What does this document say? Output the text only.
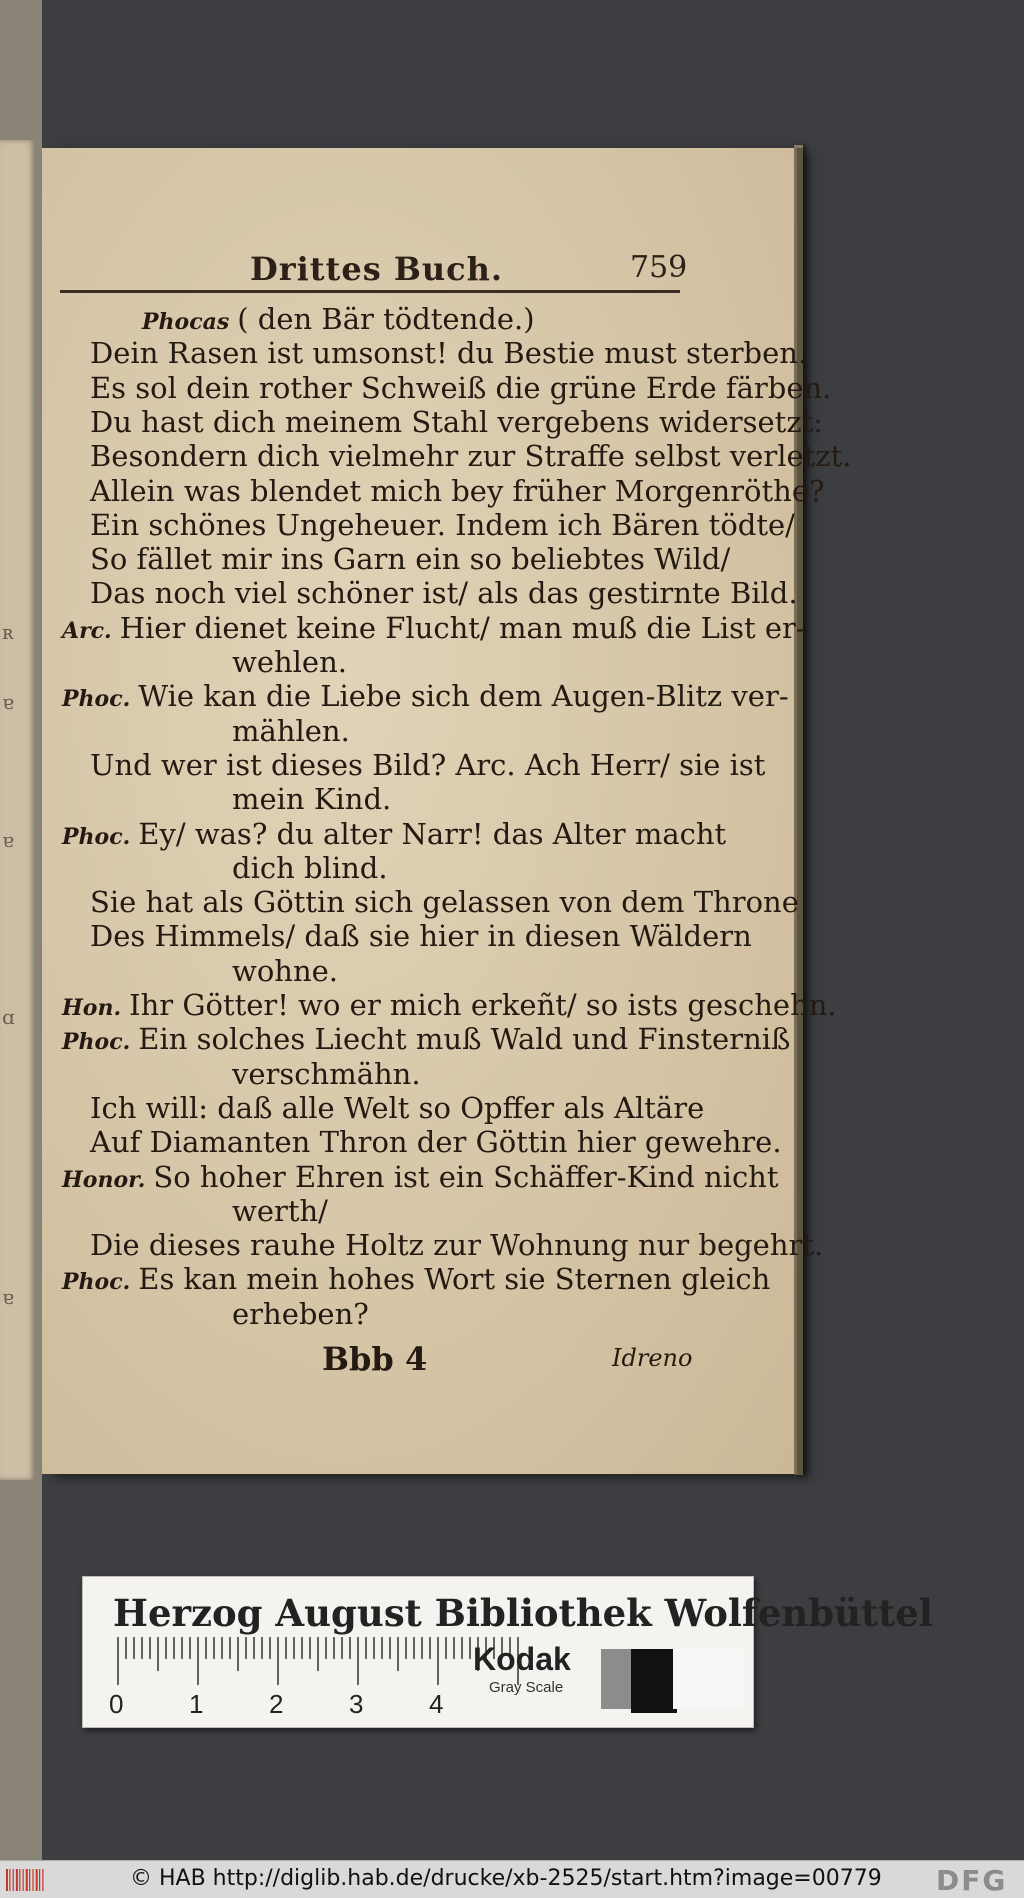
ʀ
ɐ
ɐ
ɑ
ɐ
Drittes Buch.	759
Phocas ( den Bär tödtende.)
Dein Rasen ist umsonst! du Bestie must sterben.
Es sol dein rother Schweiß die grüne Erde färben.
Du hast dich meinem Stahl vergebens widersetzt:
Besondern dich vielmehr zur Straffe selbst verletzt.
Allein was blendet mich bey früher Morgenröthe?
Ein schönes Ungeheuer. Indem ich Bären tödte/
So fället mir ins Garn ein so beliebtes Wild/
Das noch viel schöner ist/ als das gestirnte Bild.
Arc. Hier dienet keine Flucht/ man muß die List er-
wehlen.
Phoc. Wie kan die Liebe sich dem Augen-Blitz ver-
mählen.
Und wer ist dieses Bild? Arc. Ach Herr/ sie ist
mein Kind.
Phoc. Ey/ was? du alter Narr! das Alter macht
dich blind.
Sie hat als Göttin sich gelassen von dem Throne
Des Himmels/ daß sie hier in diesen Wäldern
wohne.
Hon. Ihr Götter! wo er mich erkeñt/ so ists geschehn.
Phoc. Ein solches Liecht muß Wald und Finsterniß
verschmähn.
Ich will: daß alle Welt so Opffer als Altäre
Auf Diamanten Thron der Göttin hier gewehre.
Honor. So hoher Ehren ist ein Schäffer-Kind nicht
werth/
Die dieses rauhe Holtz zur Wohnung nur begehrt.
Phoc. Es kan mein hohes Wort sie Sternen gleich
erheben?
Bbb 4	Idreno
Herzog August Bibliothek Wolfenbüttel
0	1	2	3	4
Kodak
Gray Scale
© HAB http://diglib.hab.de/drucke/xb-2525/start.htm?image=00779 DFG
